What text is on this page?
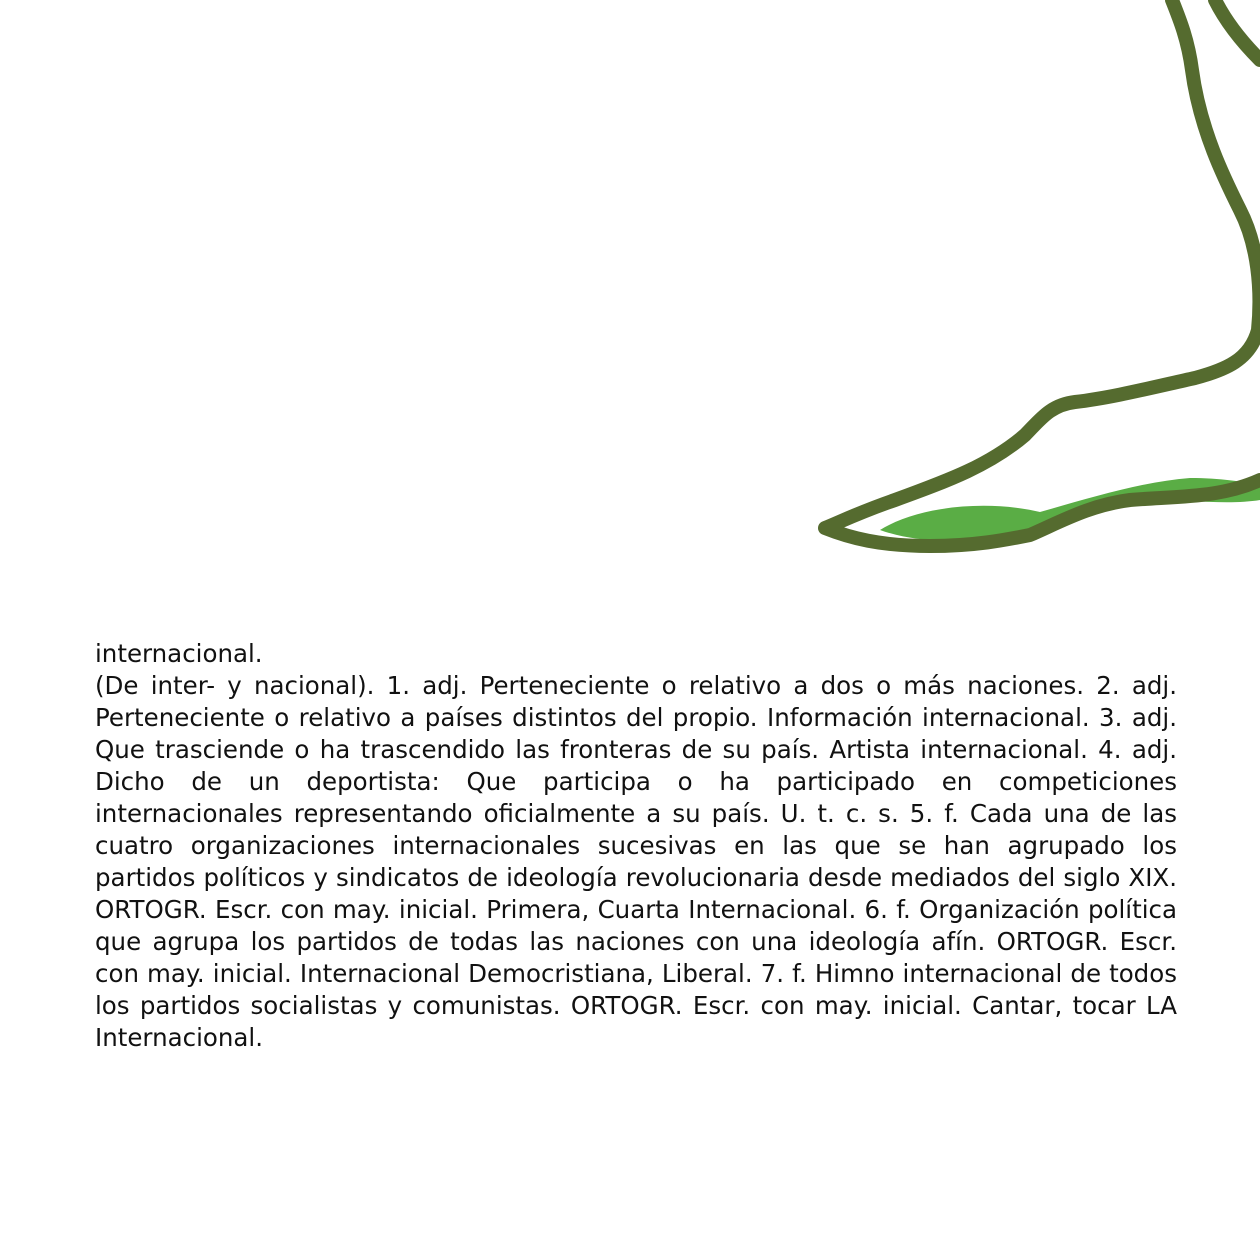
internacional.

(De inter- y nacional). 1. adj. Perteneciente o relativo a dos o más naciones. 2. adj. Perteneciente o relativo a países distintos del propio. Información internacional. 3. adj. Que trasciende o ha trascendido las fronteras de su país. Artista internacional. 4. adj. Dicho de un deportista: Que participa o ha participado en competiciones internacionales representando oficialmente a su país. U. t. c. s. 5. f. Cada una de las cuatro organizaciones internacionales sucesivas en las que se han agrupado los partidos políticos y sindicatos de ideología revolucionaria desde mediados del siglo XIX. ORTOGR. Escr. con may. inicial. Primera, Cuarta Internacional. 6. f. Organización política que agrupa los partidos de todas las naciones con una ideología afín. ORTOGR. Escr. con may. inicial. Internacional Democristiana, Liberal. 7. f. Himno internacional de todos los partidos socialistas y comunistas. ORTOGR. Escr. con may. inicial. Cantar, tocar LA Internacional.
